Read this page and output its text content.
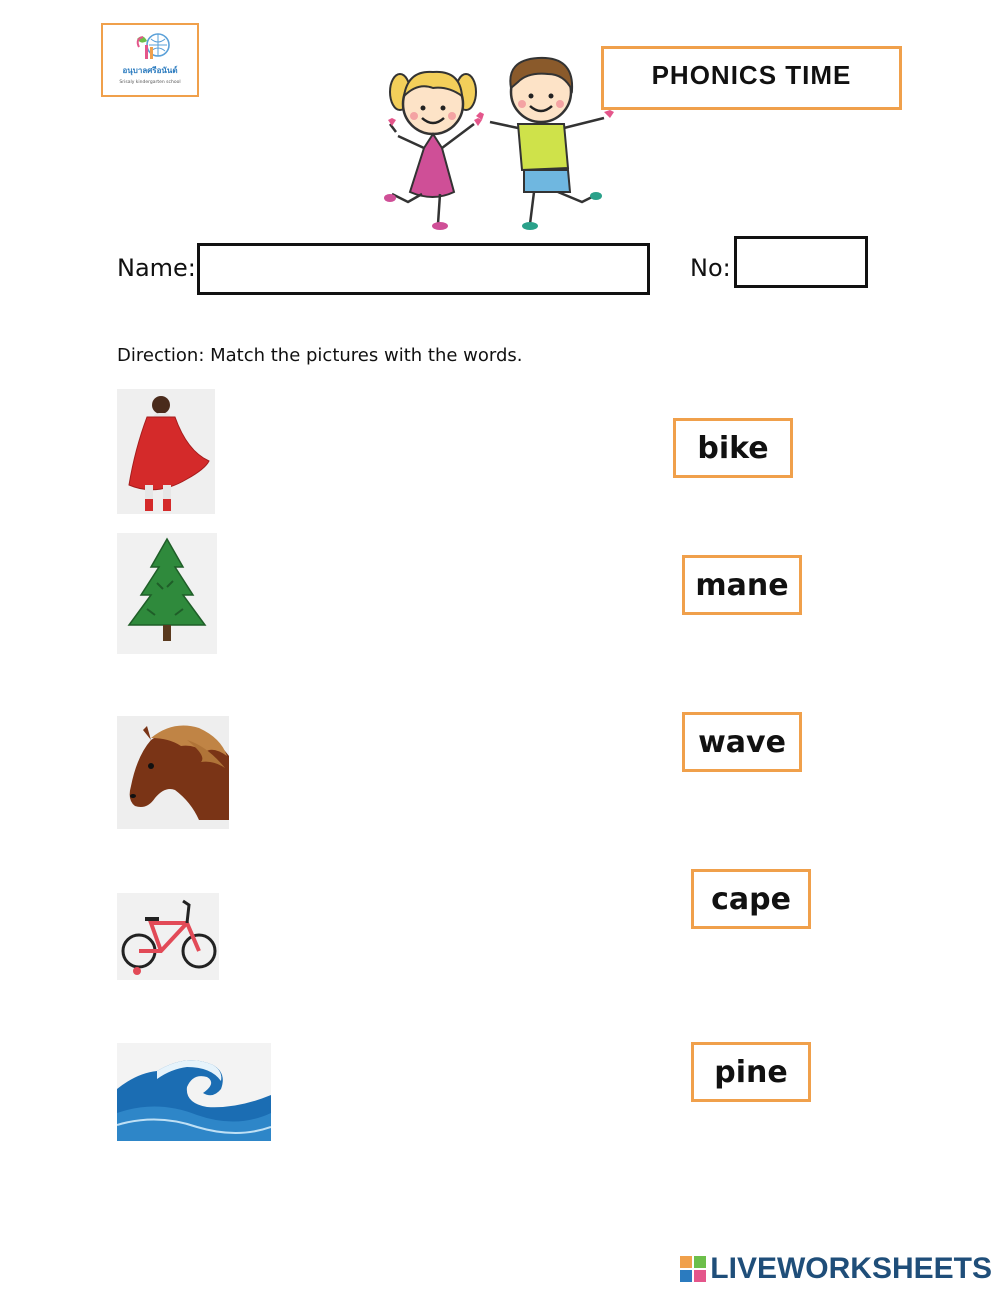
อนุบาลศรีอนันต์
Srisaly kindergarten school	PHONICS TIME
Name:	No:
Direction: Match the pictures with the words.
bike
mane
wave
cape
pine
LIVEWORKSHEETS
